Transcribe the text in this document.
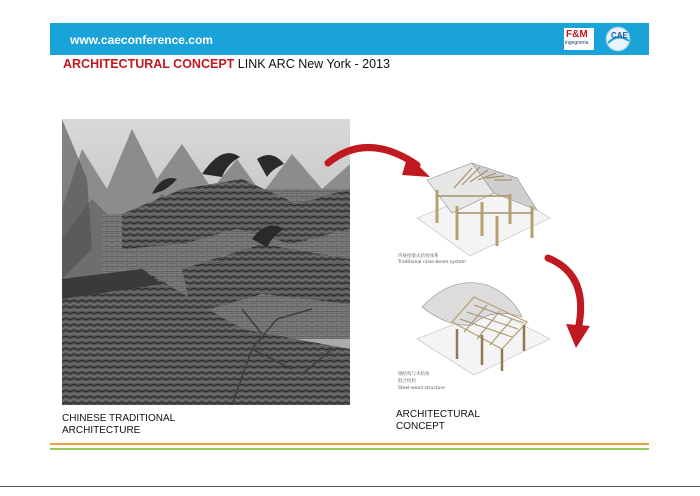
www.caeconference.com	F&M
ingegneria
CAE
ARCHITECTURAL CONCEPT LINK ARC New York - 2013
CHINESE TRADITIONAL
ARCHITECTURE
传统抬梁式结构体系
Traditional raise-beam system
钢结构与木结构
混合结构
Steel-wood structure
ARCHITECTURAL
CONCEPT
